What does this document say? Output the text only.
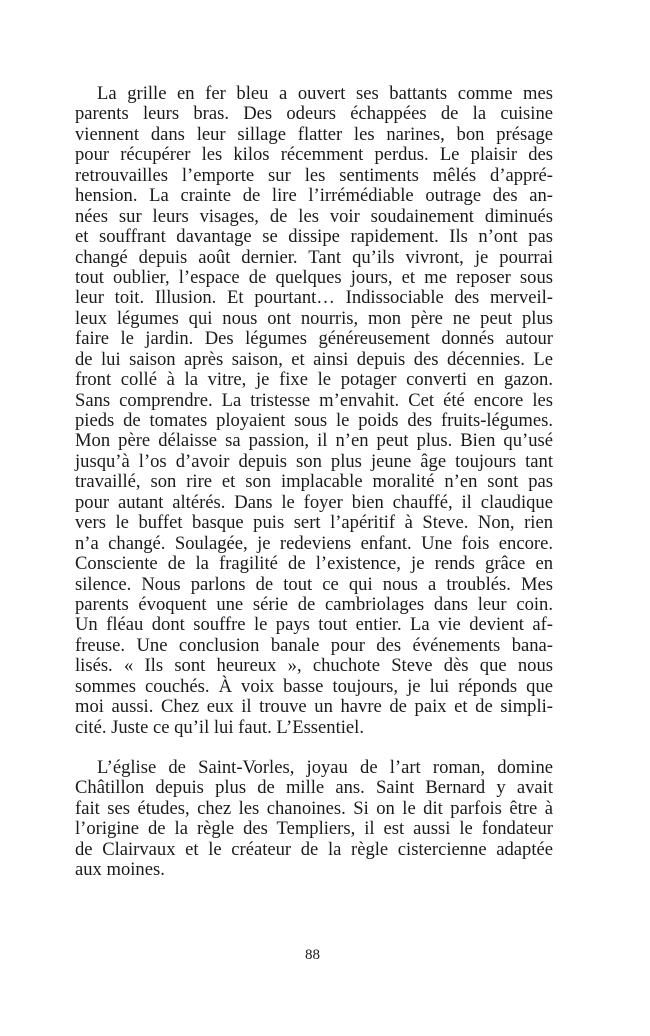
La grille en fer bleu a ouvert ses battants comme mes
parents leurs bras. Des odeurs échappées de la cuisine
viennent dans leur sillage flatter les narines, bon présage
pour récupérer les kilos récemment perdus. Le plaisir des
retrouvailles l’emporte sur les sentiments mêlés d’appré-
hension. La crainte de lire l’irrémédiable outrage des an-
nées sur leurs visages, de les voir soudainement diminués
et souffrant davantage se dissipe rapidement. Ils n’ont pas
changé depuis août dernier. Tant qu’ils vivront, je pourrai
tout oublier, l’espace de quelques jours, et me reposer sous
leur toit. Illusion. Et pourtant… Indissociable des merveil-
leux légumes qui nous ont nourris, mon père ne peut plus
faire le jardin. Des légumes généreusement donnés autour
de lui saison après saison, et ainsi depuis des décennies. Le
front collé à la vitre, je fixe le potager converti en gazon.
Sans comprendre. La tristesse m’envahit. Cet été encore les
pieds de tomates ployaient sous le poids des fruits-légumes.
Mon père délaisse sa passion, il n’en peut plus. Bien qu’usé
jusqu’à l’os d’avoir depuis son plus jeune âge toujours tant
travaillé, son rire et son implacable moralité n’en sont pas
pour autant altérés. Dans le foyer bien chauffé, il claudique
vers le buffet basque puis sert l’apéritif à Steve. Non, rien
n’a changé. Soulagée, je redeviens enfant. Une fois encore.
Consciente de la fragilité de l’existence, je rends grâce en
silence. Nous parlons de tout ce qui nous a troublés. Mes
parents évoquent une série de cambriolages dans leur coin.
Un fléau dont souffre le pays tout entier. La vie devient af-
freuse. Une conclusion banale pour des événements bana-
lisés. « Ils sont heureux », chuchote Steve dès que nous
sommes couchés. À voix basse toujours, je lui réponds que
moi aussi. Chez eux il trouve un havre de paix et de simpli-
cité. Juste ce qu’il lui faut. L’Essentiel.
L’église de Saint-Vorles, joyau de l’art roman, domine
Châtillon depuis plus de mille ans. Saint Bernard y avait
fait ses études, chez les chanoines. Si on le dit parfois être à
l’origine de la règle des Templiers, il est aussi le fondateur
de Clairvaux et le créateur de la règle cistercienne adaptée
aux moines.
88
